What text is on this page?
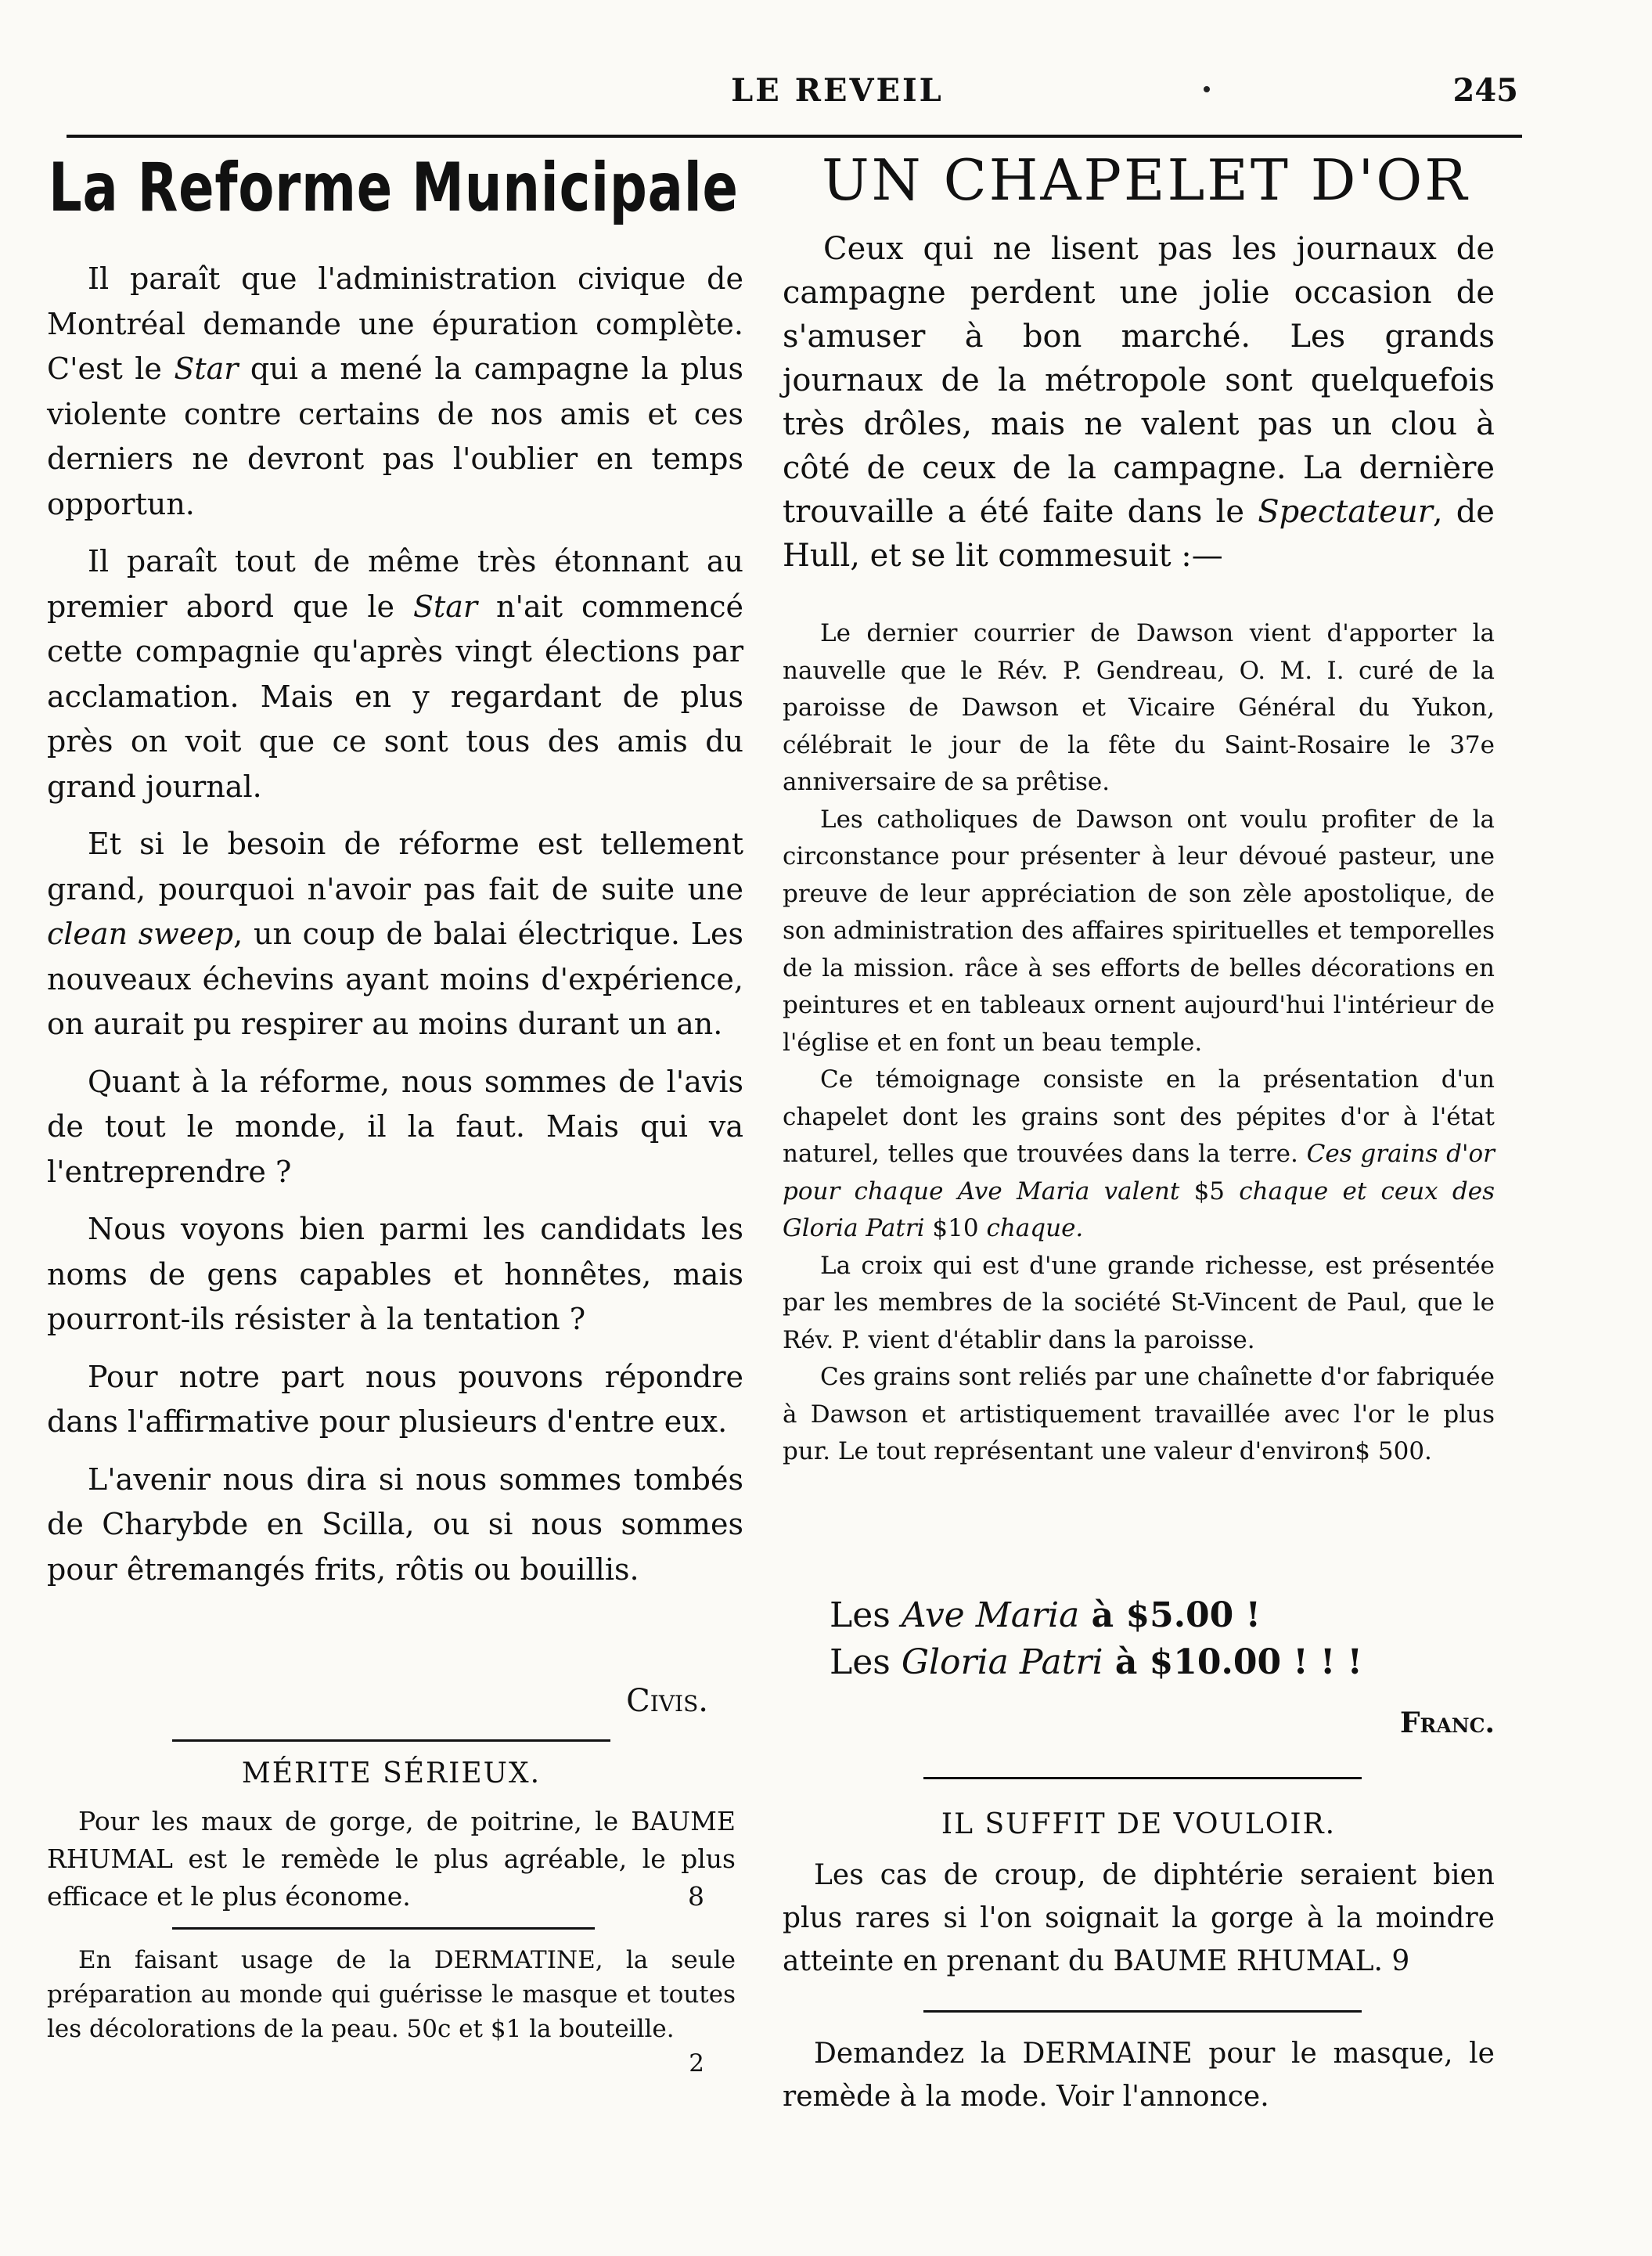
LE REVEIL	245
La Reforme Municipale

Il paraît que l'administration civique de Montréal demande une épuration complète. C'est le Star qui a mené la campagne la plus violente contre certains de nos amis et ces derniers ne devront pas l'oublier en temps opportun.

Il paraît tout de même très étonnant au premier abord que le Star n'ait commencé cette compagnie qu'après vingt élections par acclamation. Mais en y regardant de plus près on voit que ce sont tous des amis du grand journal.

Et si le besoin de réforme est tellement grand, pourquoi n'avoir pas fait de suite une clean sweep, un coup de balai électrique. Les nouveaux échevins ayant moins d'expérience, on aurait pu respirer au moins durant un an.

Quant à la réforme, nous sommes de l'avis de tout le monde, il la faut. Mais qui va l'entreprendre ?

Nous voyons bien parmi les candidats les noms de gens capables et honnêtes, mais pourront-ils résister à la tentation ?

Pour notre part nous pouvons répondre dans l'affirmative pour plusieurs d'entre eux.

L'avenir nous dira si nous sommes tombés de Charybde en Scilla, ou si nous sommes pour êtremangés frits, rôtis ou bouillis.

Civis.
MÉRITE SÉRIEUX.

Pour les maux de gorge, de poitrine, le BAUME RHUMAL est le remède le plus agréable, le plus efficace et le plus économe.	8

En faisant usage de la DERMATINE, la seule préparation au monde qui guérisse le masque et toutes les décolorations de la peau. 50c et $1 la bouteille.
2

UN CHAPELET D'OR

Ceux qui ne lisent pas les journaux de campagne perdent une jolie occasion de s'amuser à bon marché. Les grands journaux de la métropole sont quelquefois très drôles, mais ne valent pas un clou à côté de ceux de la campagne. La dernière trouvaille a été faite dans le Spectateur, de Hull, et se lit commesuit :—

Le dernier courrier de Dawson vient d'apporter la nauvelle que le Rév. P. Gendreau, O. M. I. curé de la paroisse de Dawson et Vicaire Général du Yukon, célébrait le jour de la fête du Saint-Rosaire le 37e anniversaire de sa prêtise.

Les catholiques de Dawson ont voulu profiter de la circonstance pour présenter à leur dévoué pasteur, une preuve de leur appréciation de son zèle apostolique, de son administration des affaires spirituelles et temporelles de la mission. râce à ses efforts de belles décorations en peintures et en tableaux ornent aujourd'hui l'intérieur de l'église et en font un beau temple.

Ce témoignage consiste en la présentation d'un chapelet dont les grains sont des pépites d'or à l'état naturel, telles que trouvées dans la terre. Ces grains d'or pour chaque Ave Maria valent $5 chaque et ceux des Gloria Patri $10 chaque.

La croix qui est d'une grande richesse, est présentée par les membres de la société St-Vincent de Paul, que le Rév. P. vient d'établir dans la paroisse.

Ces grains sont reliés par une chaînette d'or fabriquée à Dawson et artistiquement travaillée avec l'or le plus pur. Le tout représentant une valeur d'environ$ 500.

Les Ave Maria à $5.00 !
Les Gloria Patri à $10.00 ! ! !
Franc.
IL SUFFIT DE VOULOIR.

Les cas de croup, de diphtérie seraient bien plus rares si l'on soignait la gorge à la moindre atteinte en prenant du BAUME RHUMAL. 9

Demandez la DERMAINE pour le masque, le remède à la mode. Voir l'annonce.
